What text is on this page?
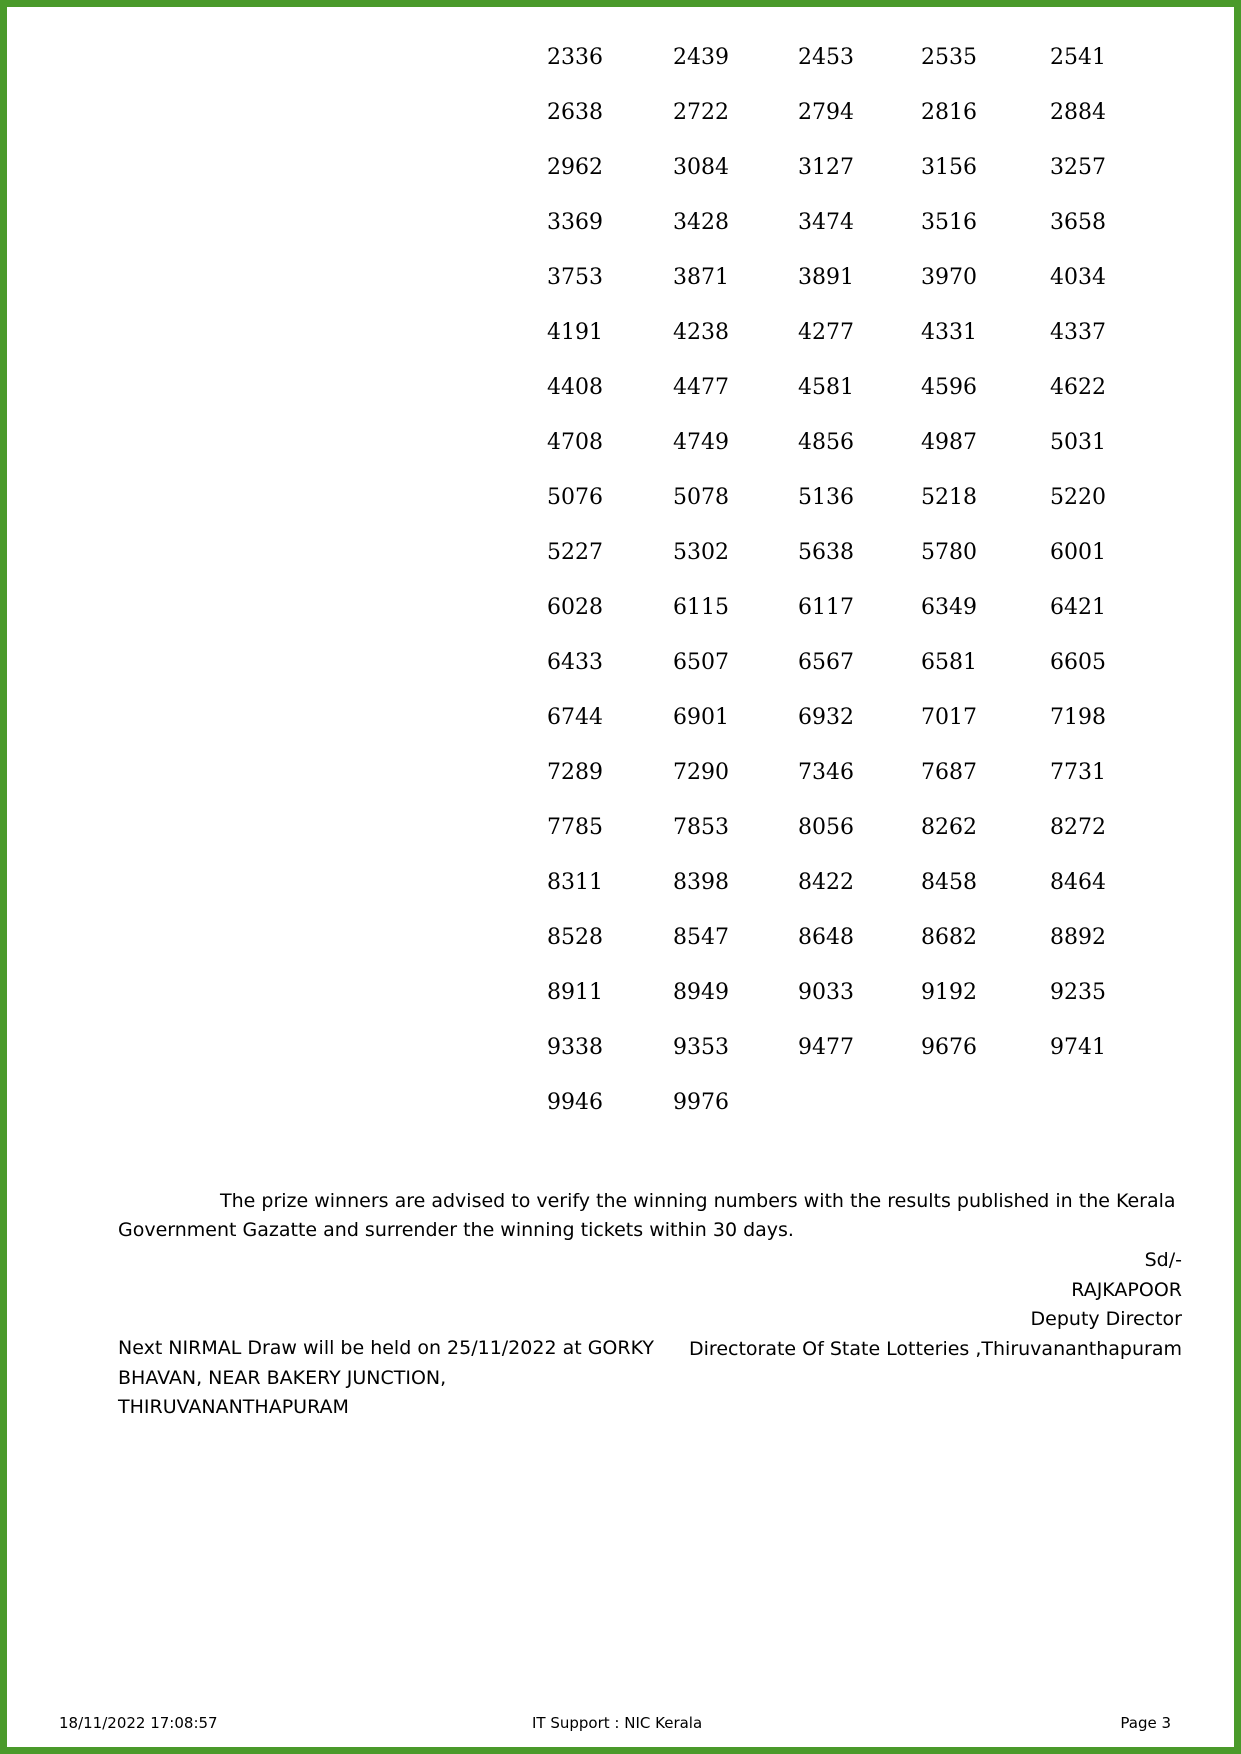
2336	2439	2453	2535	2541
2638	2722	2794	2816	2884
2962	3084	3127	3156	3257
3369	3428	3474	3516	3658
3753	3871	3891	3970	4034
4191	4238	4277	4331	4337
4408	4477	4581	4596	4622
4708	4749	4856	4987	5031
5076	5078	5136	5218	5220
5227	5302	5638	5780	6001
6028	6115	6117	6349	6421
6433	6507	6567	6581	6605
6744	6901	6932	7017	7198
7289	7290	7346	7687	7731
7785	7853	8056	8262	8272
8311	8398	8422	8458	8464
8528	8547	8648	8682	8892
8911	8949	9033	9192	9235
9338	9353	9477	9676	9741
9946	9976
The prize winners are advised to verify the winning numbers with the results published in the Kerala Government Gazatte and surrender the winning tickets within 30 days.
Sd/-
RAJKAPOOR
Deputy Director
Directorate Of State Lotteries ,Thiruvananthapuram
Next NIRMAL Draw will be held on 25/11/2022 at GORKY BHAVAN, NEAR BAKERY JUNCTION, THIRUVANANTHAPURAM
18/11/2022 17:08:57	IT Support : NIC Kerala	Page 3
